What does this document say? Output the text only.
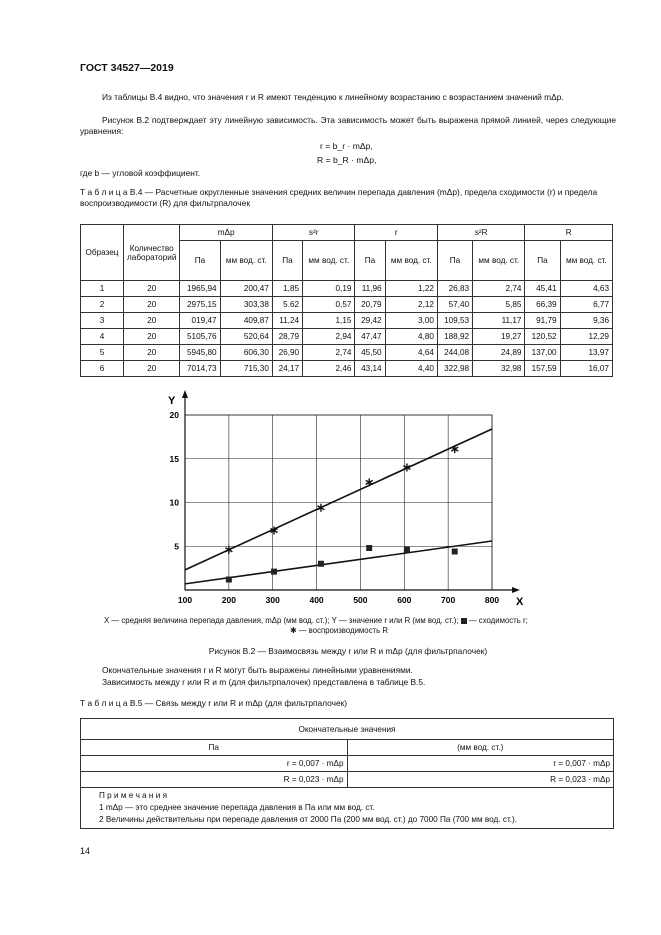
ГОСТ 34527—2019
Из таблицы В.4 видно, что значения r и R имеют тенденцию к линейному возрастанию с возрастанием значений mΔp.
Рисунок В.2 подтверждает эту линейную зависимость. Эта зависимость может быть выражена прямой линией, через следующие уравнения:
r = b_r · mΔp,
R = b_R · mΔp,
где b — угловой коэффициент.
Т а б л и ц а В.4 — Расчетные округленные значения средних величин перепада давления (mΔp), предела сходимости (r) и предела воспроизводимости (R) для фильтрпалочек
Образец	Количество лабораторий	mΔp		s²r		r		s²R		R	
		Па	мм вод. ст.	Па	мм вод. ст.	Па	мм вод. ст.	Па	мм вод. ст.	Па	мм вод. ст.
1	20	1965,94	200,47	1,85	0,19	11,96	1,22	26,83	2,74	45,41	4,63
2	20	2975,15	303,38	5.62	0,57	20,79	2,12	57,40	5,85	66,39	6,77
3	20	019,47	409,87	11,24	1,15	29,42	3,00	109,53	11,17	91,79	9,36
4	20	5105,76	520,64	28,79	2,94	47,47	4,80	188,92	19,27	120,52	12,29
5	20	5945,80	606,30	26,90	2,74	45,50	4,64	244,08	24,89	137,00	13,97
6	20	7014,73	715,30	24,17	2,46	43,14	4,40	322,98	32,98	157,59	16,07
100	200	300	400	500	600	700	800
5
10
15
20
Y
X
X — средняя величина перепада давления, mΔp (мм вод. ст.); Y — значение r или R (мм вод. ст.); — сходимость r;
✱ — воспроизводимость R
Рисунок В.2 — Взаимосвязь между r или R и mΔp (для фильтрпалочек)
Окончательные значения r и R могут быть выражены линейными уравнениями.
Зависимость между r или R и m (для фильтрпалочек) представлена в таблице В.5.
Т а б л и ц а В.5 — Связь между r или R и mΔp (для фильтрпалочек)
Окончательные значения	
Па	(мм вод. ст.)
r = 0,007 · mΔp	r = 0,007 · mΔp
R = 0,023 · mΔp	R = 0,023 · mΔp

П р и м е ч а н и я
1 mΔp — это среднее значение перепада давления в Па или мм вод. ст.
2 Величины действительны при перепаде давления от 2000 Па (200 мм вод. ст.) до 7000 Па (700 мм вод. ст.).	
14
